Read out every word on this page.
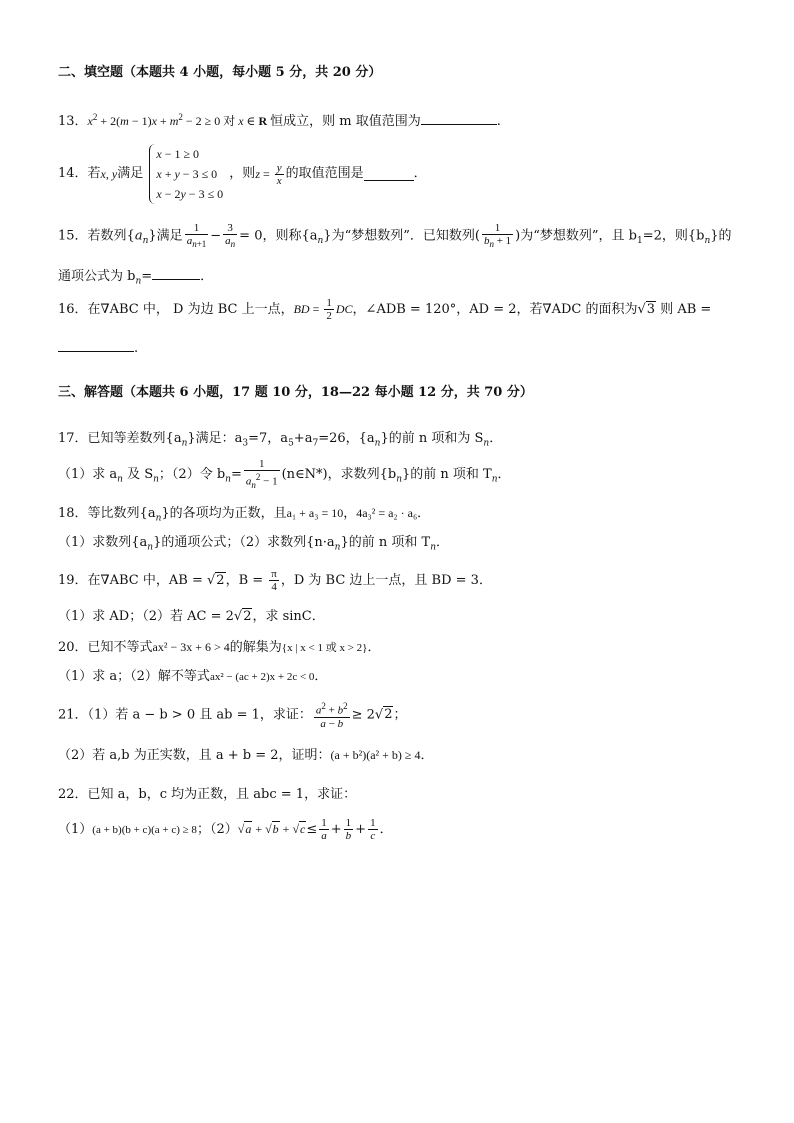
二、填空题（本题共 4 小题，每小题 5 分，共 20 分）
13．$x^2 + 2(m - 1)x + m^2 - 2 \ge 0$ 对 x ∈ R 恒成立，则 m 取值范围为	.
14．若x, y满足
x − 1 ≥ 0
x + y − 3 ≤ 0
x − 2y − 3 ≤ 0
，则$z = \frac{y}{x}$ 的取值范围是	．
15．若数列$\{a_n\}$满足 $\frac{1}{a_{n+1}} - \frac{3}{a_n} = 0$，则称$\{a_n\}$为“梦想数列”．已知数列( $\frac{1}{b_n + 1}$ )为“梦想数列”，且 $b_1=2$，则$\{b_n\}$的
通项公式为 $b_n=$	．
16．在∇ABC 中， D 为边 BC 上一点，BD = $\frac{1}{2}$ DC，∠ADB = 120°，AD = 2，若∇ADC 的面积为√3 则 AB =
.
三、解答题（本题共 6 小题，17 题 10 分，18—22 每小题 12 分，共 70 分）
17．已知等差数列$\{a_n\}$满足：$a_3=7$，$a_5+a_7=26$，$\{a_n\}$的前 n 项和为 $S_n$．
（1）求 $a_n$ 及 $S_n$；（2）令 $b_n= \frac{1}{a_n^2 - 1}$ (n∈N*)，求数列$\{b_n\}$的前 n 项和 $T_n$．
18．等比数列$\{a_n\}$的各项均为正数，且a₁ + a₃ = 10，4a₃² = a₂ · a₆．
（1）求数列$\{a_n\}$的通项公式；（2）求数列$\{n\cdot a_n\}$的前 n 项和 $T_n$．
19．在∇ABC 中，AB = √2，$B = \frac{\pi}{4}$ ，D 为 BC 边上一点，且 BD = 3．
（1）求 AD；（2）若 AC = 2√2，求 sinC．
20．已知不等式ax² − 3x + 6 > 4的解集为{x | x < 1 或 x > 2}．
（1）求 a；（2）解不等式ax² − (ac + 2)x + 2c < 0．
21．（1）若 a − b > 0 且 ab = 1，求证： $\frac{a^2 + b^2}{a - b} \ge 2√2$；
（2）若 a,b 为正实数，且 a + b = 2，证明：(a + b²)(a² + b) ≥ 4．
22．已知 a，b，c 均为正数，且 abc = 1，求证：
（1）(a + b)(b + c)(a + c) ≥ 8；$(2)√a + √b + √c\le \frac{1}{a} + \frac{1}{b} + \frac{1}{c}$ ．
